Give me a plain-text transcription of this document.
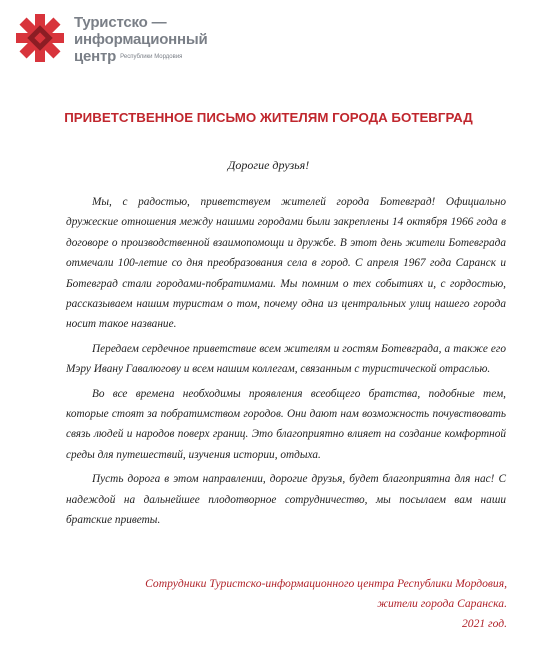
Туристско —
информационный
центр Республики Мордовия
ПРИВЕТСТВЕННОЕ ПИСЬМО ЖИТЕЛЯМ ГОРОДА БОТЕВГРАД
Дорогие друзья!

Мы, с радостью, приветствуем жителей города Ботевград! Официально дружеские отношения между нашими городами были закреплены 14 октября 1966 года в договоре о производственной взаимопомощи и дружбе. В этот день жители Ботевграда отмечали 100-летие со дня преобразования села в город. С апреля 1967 года Саранск и Ботевград стали городами-побратимами. Мы помним о тех событиях и, с гордостью, рассказываем нашим туристам о том, почему одна из центральных улиц нашего города носит такое название.

Передаем сердечное приветствие всем жителям и гостям Ботевграда, а также его Мэру Ивану Гавалюгову и всем нашим коллегам, связанным с туристической отраслью.

Во все времена необходимы проявления всеобщего братства, подобные тем, которые стоят за побратимством городов. Они дают нам возможность почувствовать связь людей и народов поверх границ. Это благоприятно влияет на создание комфортной среды для путешествий, изучения истории, отдыха.

Пусть дорога в этом направлении, дорогие друзья, будет благоприятна для нас! С надеждой на дальнейшее плодотворное сотрудничество, мы посылаем вам наши братские приветы.

Сотрудники Туристско-информационного центра Республики Мордовия,
жители города Саранска.
2021 год.
